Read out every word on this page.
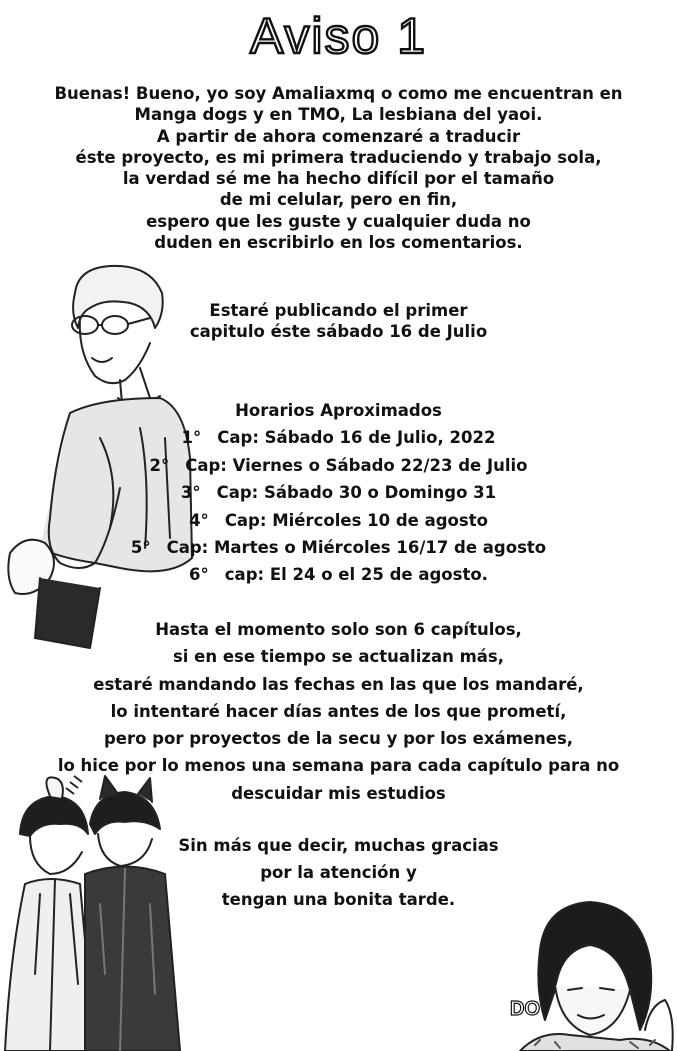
Aviso 1
DO

Buenas! Bueno, yo soy Amaliaxmq o como me encuentran en

Manga dogs y en TMO, La lesbiana del yaoi.

A partir de ahora comenzaré a traducir

éste proyecto, es mi primera traduciendo y trabajo sola,

la verdad sé me ha hecho difícil por el tamaño

de mi celular, pero en fin,

espero que les guste y cualquier duda no

duden en escribirlo en los comentarios.

Estaré publicando el primer

capitulo éste sábado 16 de Julio

Horarios Aproximados

1° Cap: Sábado 16 de Julio, 2022

2° Cap: Viernes o Sábado 22/23 de Julio

3° Cap: Sábado 30 o Domingo 31

4° Cap: Miércoles 10 de agosto

5° Cap: Martes o Miércoles 16/17 de agosto

6° cap: El 24 o el 25 de agosto.

Hasta el momento solo son 6 capítulos,

si en ese tiempo se actualizan más,

estaré mandando las fechas en las que los mandaré,

lo intentaré hacer días antes de los que prometí,

pero por proyectos de la secu y por los exámenes,

lo hice por lo menos una semana para cada capítulo para no

descuidar mis estudios

Sin más que decir, muchas gracias

por la atención y

tengan una bonita tarde.
